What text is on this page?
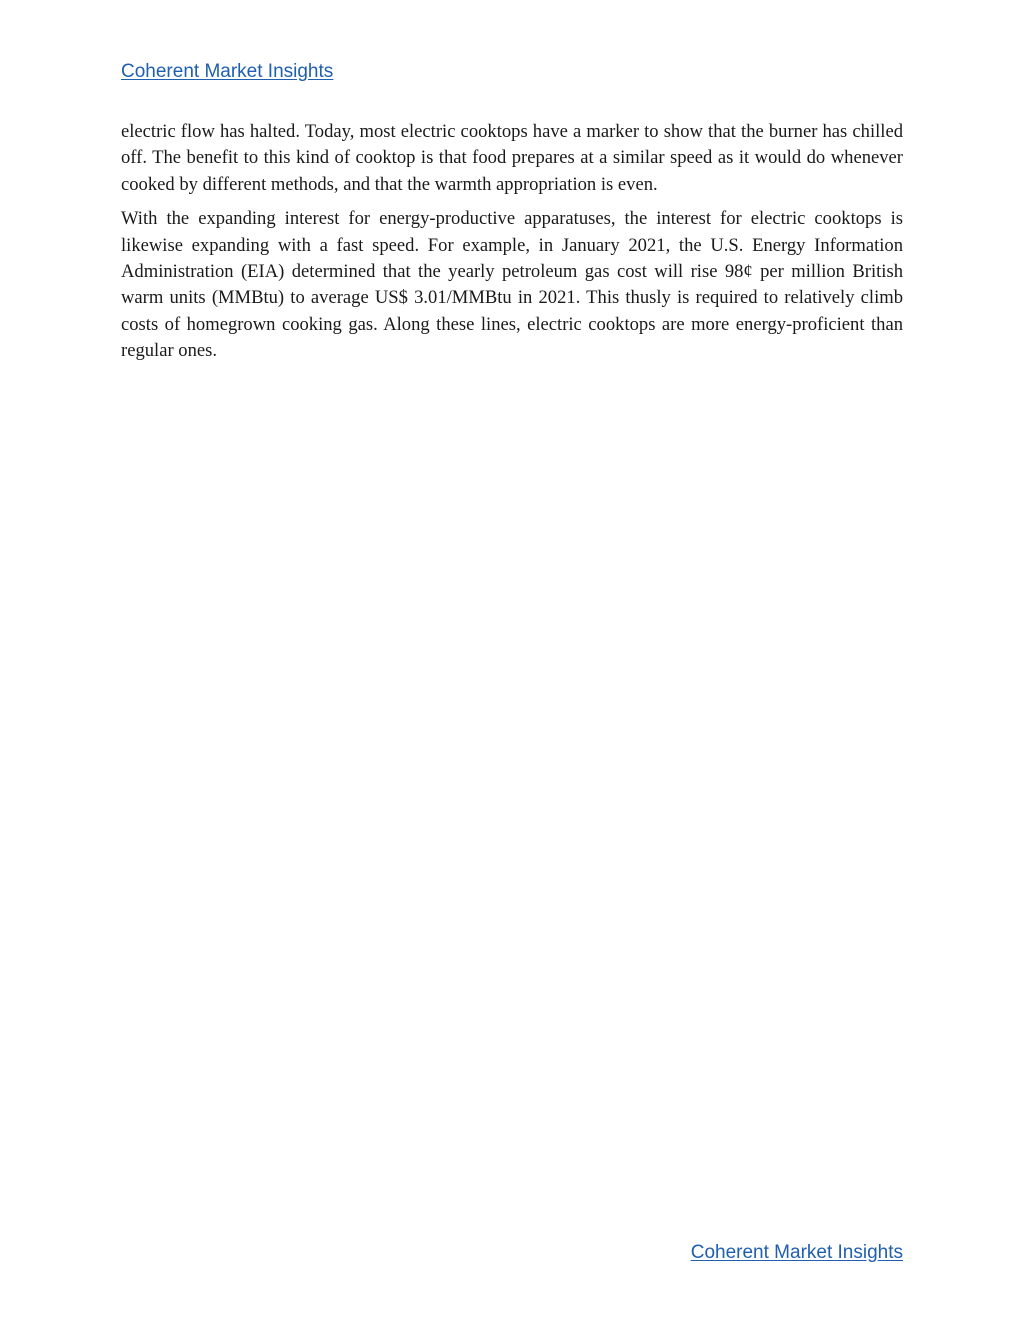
Coherent Market Insights

electric flow has halted. Today, most electric cooktops have a marker to show that the burner has chilled off. The benefit to this kind of cooktop is that food prepares at a similar speed as it would do whenever cooked by different methods, and that the warmth appropriation is even.

With the expanding interest for energy-productive apparatuses, the interest for electric cooktops is likewise expanding with a fast speed. For example, in January 2021, the U.S. Energy Information Administration (EIA) determined that the yearly petroleum gas cost will rise 98¢ per million British warm units (MMBtu) to average US$ 3.01/MMBtu in 2021. This thusly is required to relatively climb costs of homegrown cooking gas. Along these lines, electric cooktops are more energy-proficient than regular ones.

Coherent Market Insights
